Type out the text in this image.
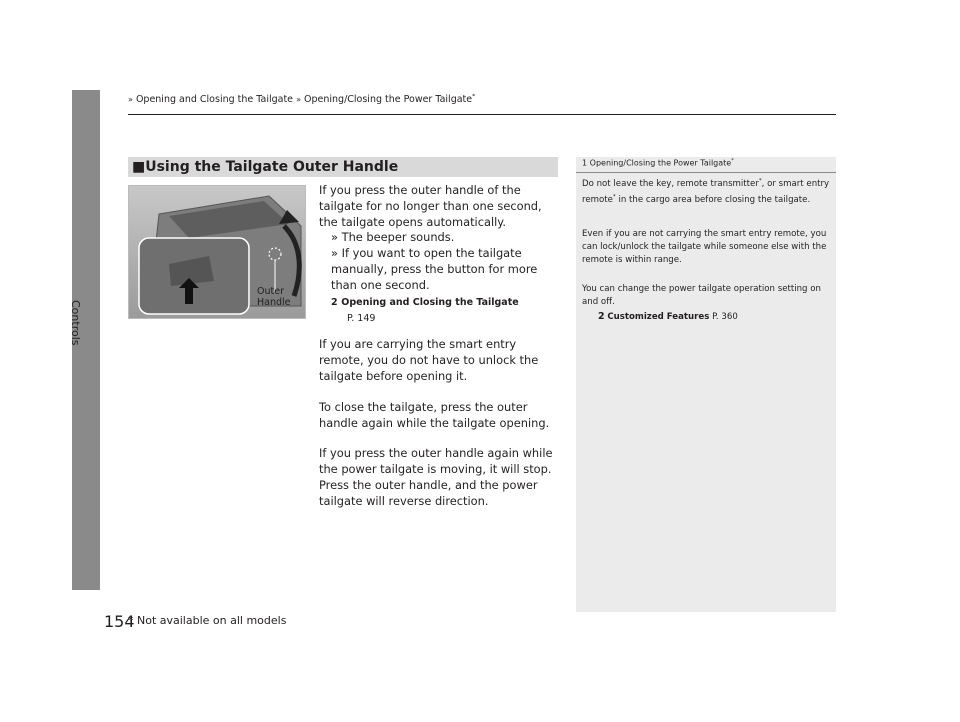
Controls
154
» Opening and Closing the Tailgate » Opening/Closing the Power Tailgate*
■Using the Tailgate Outer Handle
Outer
Handle
If you press the outer handle of the tailgate for no longer than one second, the tailgate opens automatically.
» The beeper sounds.
» If you want to open the tailgate manually, press the button for more than one second.
2 Opening and Closing the Tailgate
P. 149
If you are carrying the smart entry remote, you do not have to unlock the tailgate before opening it.
To close the tailgate, press the outer handle again while the tailgate opening.
If you press the outer handle again while the power tailgate is moving, it will stop.
Press the outer handle, and the power tailgate will reverse direction.
1 Opening/Closing the Power Tailgate*
Do not leave the key, remote transmitter*, or smart entry remote* in the cargo area before closing the tailgate.
Even if you are not carrying the smart entry remote, you can lock/unlock the tailgate while someone else with the remote is within range.
You can change the power tailgate operation setting on and off.
2 Customized Features P. 360
* Not available on all models
